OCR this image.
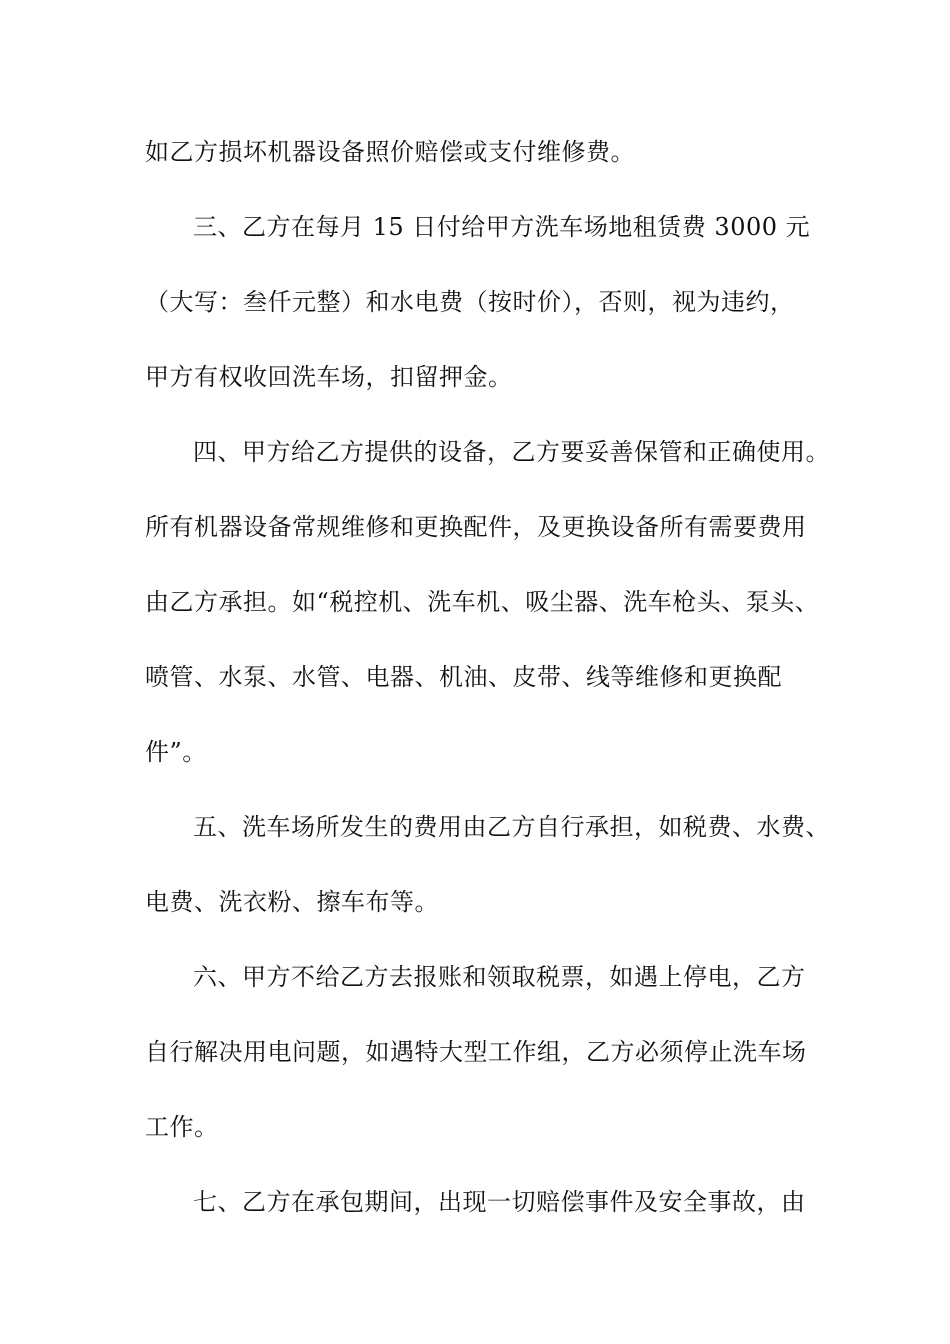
如乙方损坏机器设备照价赔偿或支付维修费。
三、乙方在每月 15 日付给甲方洗车场地租赁费 3000 元
（大写：叁仟元整）和水电费（按时价），否则，视为违约，
甲方有权收回洗车场，扣留押金。
四、甲方给乙方提供的设备，乙方要妥善保管和正确使用。
所有机器设备常规维修和更换配件，及更换设备所有需要费用
由乙方承担。如“税控机、洗车机、吸尘器、洗车枪头、泵头、
喷管、水泵、水管、电器、机油、皮带、线等维修和更换配
件”。
五、洗车场所发生的费用由乙方自行承担，如税费、水费、
电费、洗衣粉、擦车布等。
六、甲方不给乙方去报账和领取税票，如遇上停电，乙方
自行解决用电问题，如遇特大型工作组，乙方必须停止洗车场
工作。
七、乙方在承包期间，出现一切赔偿事件及安全事故，由
